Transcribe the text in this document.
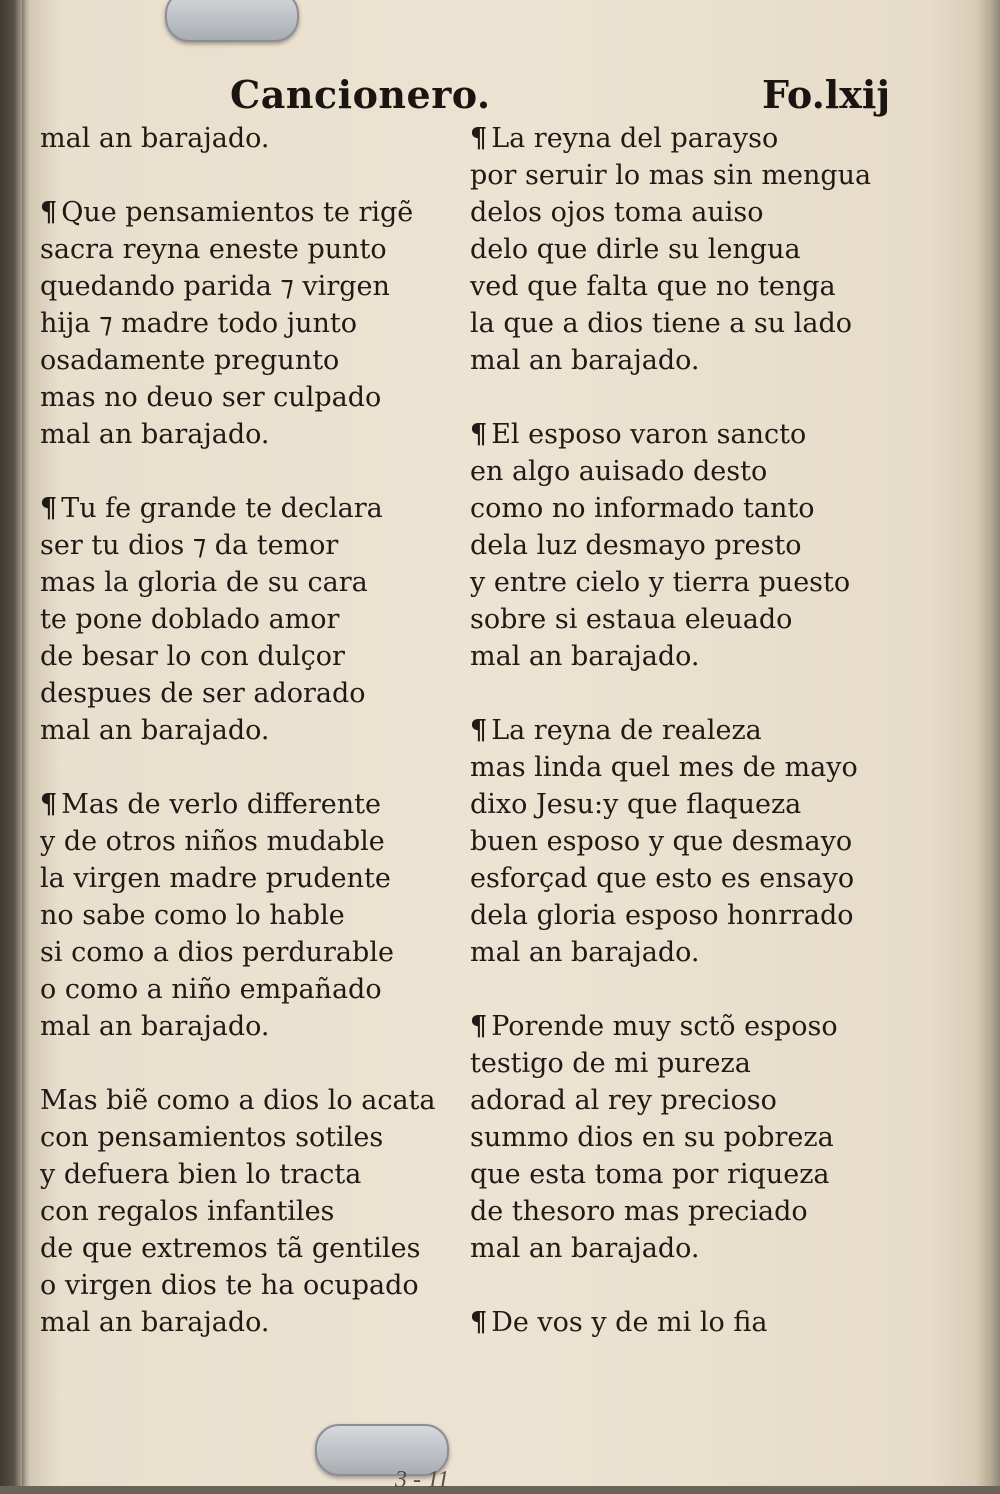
Cancionero.	Fo.lxij
mal an barajado.
¶ Que pensamientos te rigẽ
sacra reyna eneste punto
quedando parida ⁊ virgen
hija ⁊ madre todo junto
osadamente pregunto
mas no deuo ser culpado
mal an barajado.
¶ Tu fe grande te declara
ser tu dios ⁊ da temor
mas la gloria de su cara
te pone doblado amor
de besar lo con dulçor
despues de ser adorado
mal an barajado.
¶ Mas de verlo differente
y de otros niños mudable
la virgen madre prudente
no sabe como lo hable
si como a dios perdurable
o como a niño empañado
mal an barajado.
Mas biẽ como a dios lo acata
con pensamientos sotiles
y defuera bien lo tracta
con regalos infantiles
de que extremos tã gentiles
o virgen dios te ha ocupado
mal an barajado.
¶ La reyna del parayso
por seruir lo mas sin mengua
delos ojos toma auiso
delo que dirle su lengua
ved que falta que no tenga
la que a dios tiene a su lado
mal an barajado.
¶ El esposo varon sancto
en algo auisado desto
como no informado tanto
dela luz desmayo presto
y entre cielo y tierra puesto
sobre si estaua eleuado
mal an barajado.
¶ La reyna de realeza
mas linda quel mes de mayo
dixo Jesu:y que flaqueza
buen esposo y que desmayo
esforçad que esto es ensayo
dela gloria esposo honrrado
mal an barajado.
¶ Porende muy sctõ esposo
testigo de mi pureza
adorad al rey precioso
summo dios en su pobreza
que esta toma por riqueza
de thesoro mas preciado
mal an barajado.
¶ De vos y de mi lo fia
3 - 11
